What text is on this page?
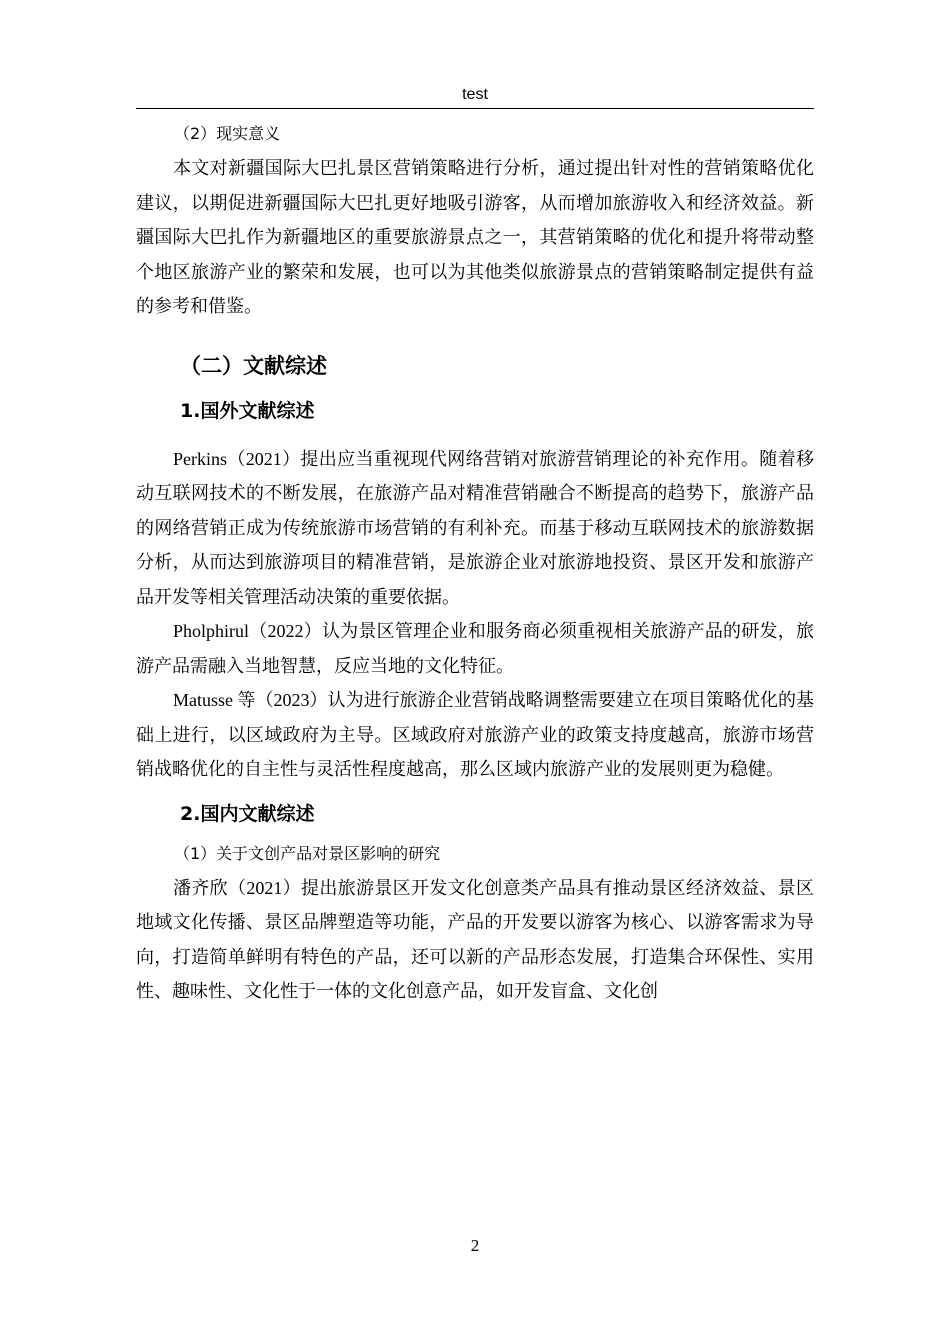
test

（2）现实意义

本文对新疆国际大巴扎景区营销策略进行分析，通过提出针对性的营销策略优化建议，以期促进新疆国际大巴扎更好地吸引游客，从而增加旅游收入和经济效益。新疆国际大巴扎作为新疆地区的重要旅游景点之一，其营销策略的优化和提升将带动整个地区旅游产业的繁荣和发展，也可以为其他类似旅游景点的营销策略制定提供有益的参考和借鉴。

（二）文献综述
1.国外文献综述

Perkins（2021）提出应当重视现代网络营销对旅游营销理论的补充作用。随着移动互联网技术的不断发展，在旅游产品对精准营销融合不断提高的趋势下，旅游产品的网络营销正成为传统旅游市场营销的有利补充。而基于移动互联网技术的旅游数据分析，从而达到旅游项目的精准营销，是旅游企业对旅游地投资、景区开发和旅游产品开发等相关管理活动决策的重要依据。

Pholphirul（2022）认为景区管理企业和服务商必须重视相关旅游产品的研发，旅游产品需融入当地智慧，反应当地的文化特征。

Matusse 等（2023）认为进行旅游企业营销战略调整需要建立在项目策略优化的基础上进行，以区域政府为主导。区域政府对旅游产业的政策支持度越高，旅游市场营销战略优化的自主性与灵活性程度越高，那么区域内旅游产业的发展则更为稳健。

2.国内文献综述

（1）关于文创产品对景区影响的研究

潘齐欣（2021）提出旅游景区开发文化创意类产品具有推动景区经济效益、景区地域文化传播、景区品牌塑造等功能，产品的开发要以游客为核心、以游客需求为导向，打造简单鲜明有特色的产品，还可以新的产品形态发展，打造集合环保性、实用性、趣味性、文化性于一体的文化创意产品，如开发盲盒、文化创

2
